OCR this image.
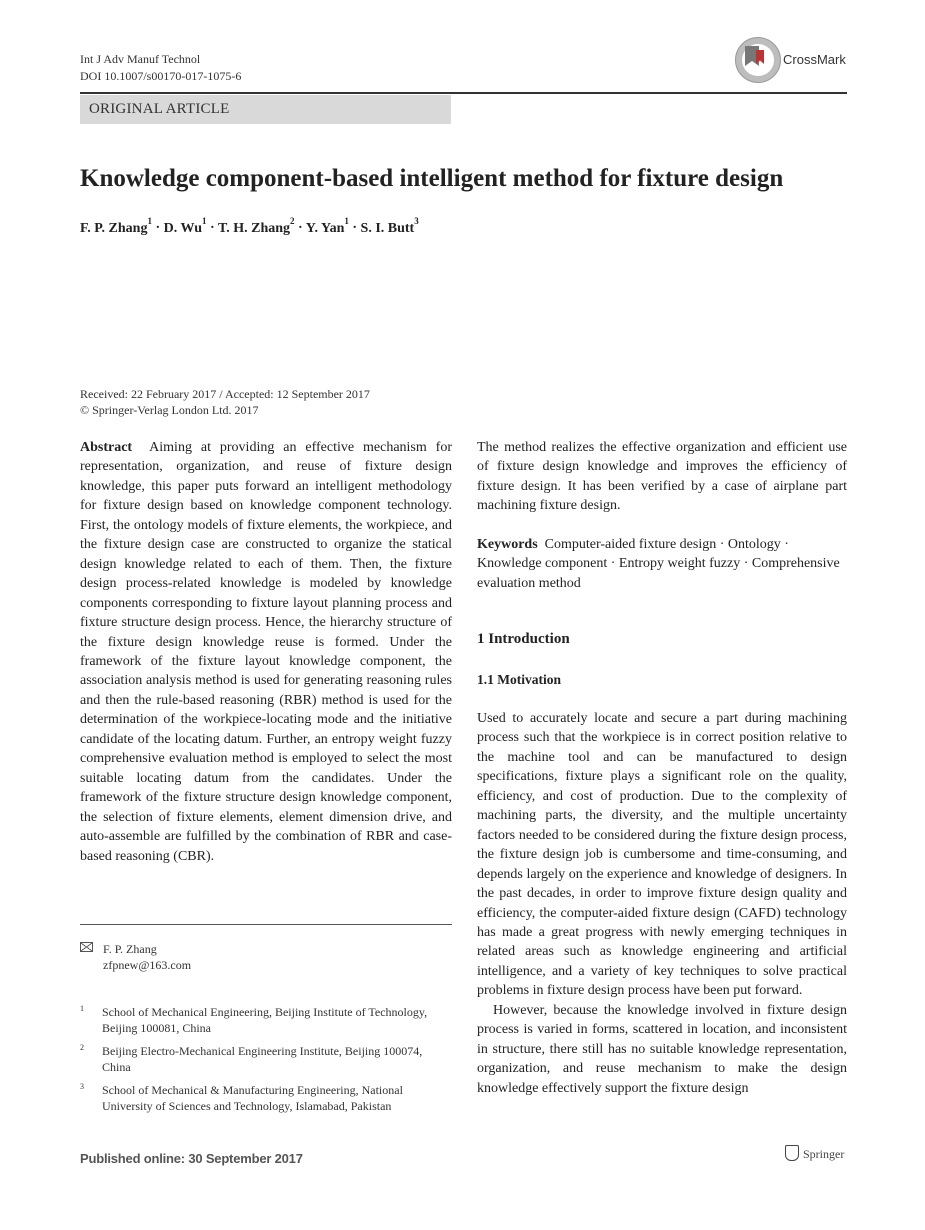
Int J Adv Manuf Technol
DOI 10.1007/s00170-017-1075-6
CrossMark
ORIGINAL ARTICLE
Knowledge component-based intelligent method for fixture design
F. P. Zhang$^1$ · D. $Wu^1 \cdot T$. H. Zhang$^2$ · Y. Yan$^1$ · S. I. Butt$^3$
Received: 22 February 2017 / Accepted: 12 September 2017
© Springer-Verlag London Ltd. 2017

Abstract Aiming at providing an effective mechanism for representation, organization, and reuse of fixture design knowledge, this paper puts forward an intelligent methodology for fixture design based on knowledge component technology. First, the ontology models of fixture elements, the workpiece, and the fixture design case are constructed to organize the statical design knowledge related to each of them. Then, the fixture design process-related knowledge is modeled by knowledge components corresponding to fixture layout planning process and fixture structure design process. Hence, the hierarchy structure of the fixture design knowledge reuse is formed. Under the framework of the fixture layout knowledge component, the association analysis method is used for generating reasoning rules and then the rule-based reasoning (RBR) method is used for the determination of the workpiece-locating mode and the initiative candidate of the locating datum. Further, an entropy weight fuzzy comprehensive evaluation method is employed to select the most suitable locating datum from the candidates. Under the framework of the fixture structure design knowledge component, the selection of fixture elements, element dimension drive, and auto-assemble are fulfilled by the combination of RBR and case-based reasoning (CBR).

The method realizes the effective organization and efficient use of fixture design knowledge and improves the efficiency of fixture design. It has been verified by a case of airplane part machining fixture design.

Keywords Computer-aided fixture design · Ontology · Knowledge component · Entropy weight fuzzy · Comprehensive evaluation method

1 Introduction
1.1 Motivation

Used to accurately locate and secure a part during machining process such that the workpiece is in correct position relative to the machine tool and can be manufactured to design specifications, fixture plays a significant role on the quality, efficiency, and cost of production. Due to the complexity of machining parts, the diversity, and the multiple uncertainty factors needed to be considered during the fixture design process, the fixture design job is cumbersome and time-consuming, and depends largely on the experience and knowledge of designers. In the past decades, in order to improve fixture design quality and efficiency, the computer-aided fixture design (CAFD) technology has made a great progress with newly emerging techniques in related areas such as knowledge engineering and artificial intelligence, and a variety of key techniques to solve practical problems in fixture design process have been put forward.

However, because the knowledge involved in fixture design process is varied in forms, scattered in location, and inconsistent in structure, there still has no suitable knowledge representation, organization, and reuse mechanism to make the design knowledge effectively support the fixture design

F. P. Zhang
zfpnew@163.com
1 School of Mechanical Engineering, Beijing Institute of Technology, Beijing 100081, China
2 Beijing Electro-Mechanical Engineering Institute, Beijing 100074, China
3 School of Mechanical & Manufacturing Engineering, National University of Sciences and Technology, Islamabad, Pakistan
Published online: 30 September 2017	Springer
